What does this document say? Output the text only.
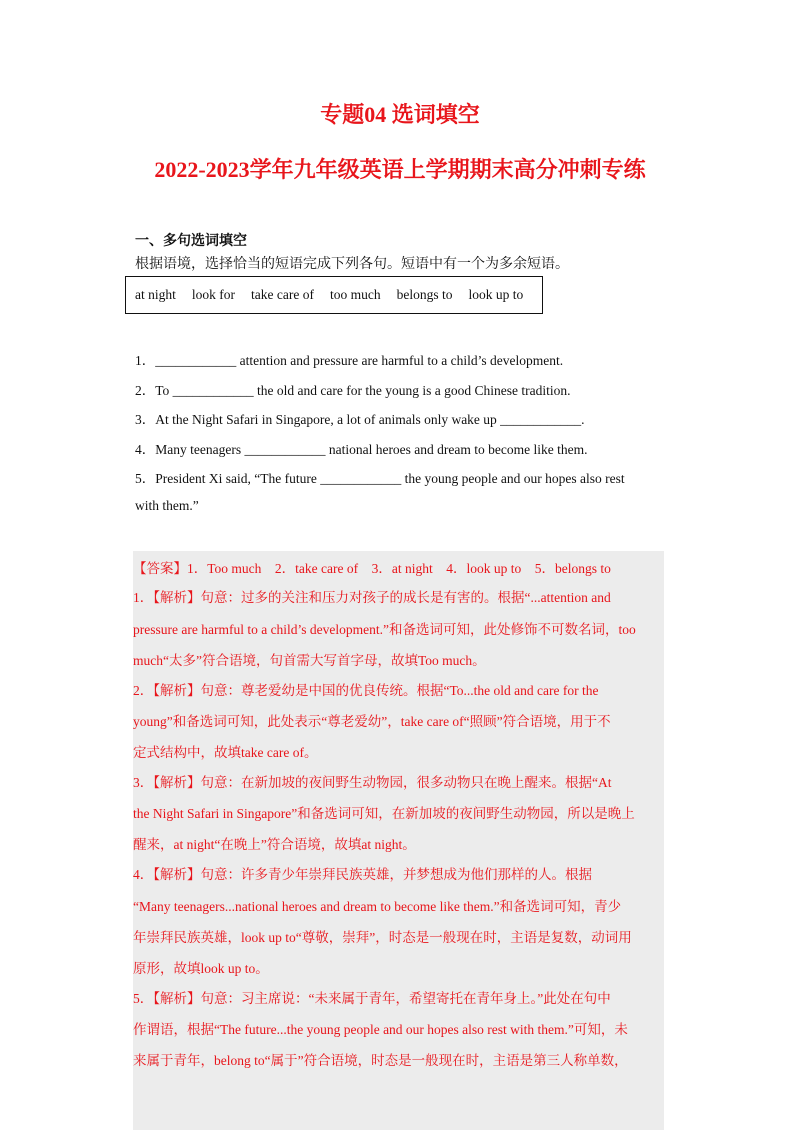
专题04 选词填空
2022-2023学年九年级英语上学期期末高分冲刺专练
一、多句选词填空
根据语境，选择恰当的短语完成下列各句。短语中有一个为多余短语。
at night look for take care of too much belongs to look up to
1．____________ attention and pressure are harmful to a child’s development.
2．To ____________ the old and care for the young is a good Chinese tradition.
3．At the Night Safari in Singapore, a lot of animals only wake up ____________.
4．Many teenagers ____________ national heroes and dream to become like them.
5．President Xi said, “The future ____________ the young people and our hopes also rest
with them.”
【答案】1．Too much　2．take care of　3．at night　4．look up to　5．belongs to
1．【解析】句意：过多的关注和压力对孩子的成长是有害的。根据“...attention and
pressure are harmful to a child’s development.”和备选词可知，此处修饰不可数名词，too
much“太多”符合语境，句首需大写首字母，故填Too much。
2．【解析】句意：尊老爱幼是中国的优良传统。根据“To...the old and care for the
young”和备选词可知，此处表示“尊老爱幼”，take care of“照顾”符合语境，用于不
定式结构中，故填take care of。
3．【解析】句意：在新加坡的夜间野生动物园，很多动物只在晚上醒来。根据“At
the Night Safari in Singapore”和备选词可知，在新加坡的夜间野生动物园，所以是晚上
醒来，at night“在晚上”符合语境，故填at night。
4．【解析】句意：许多青少年崇拜民族英雄，并梦想成为他们那样的人。根据
“Many teenagers...national heroes and dream to become like them.”和备选词可知，青少
年崇拜民族英雄，look up to“尊敬，崇拜”，时态是一般现在时，主语是复数，动词用
原形，故填look up to。
5．【解析】句意：习主席说：“未来属于青年，希望寄托在青年身上。”此处在句中
作谓语，根据“The future...the young people and our hopes also rest with them.”可知，未
来属于青年，belong to“属于”符合语境，时态是一般现在时，主语是第三人称单数，
